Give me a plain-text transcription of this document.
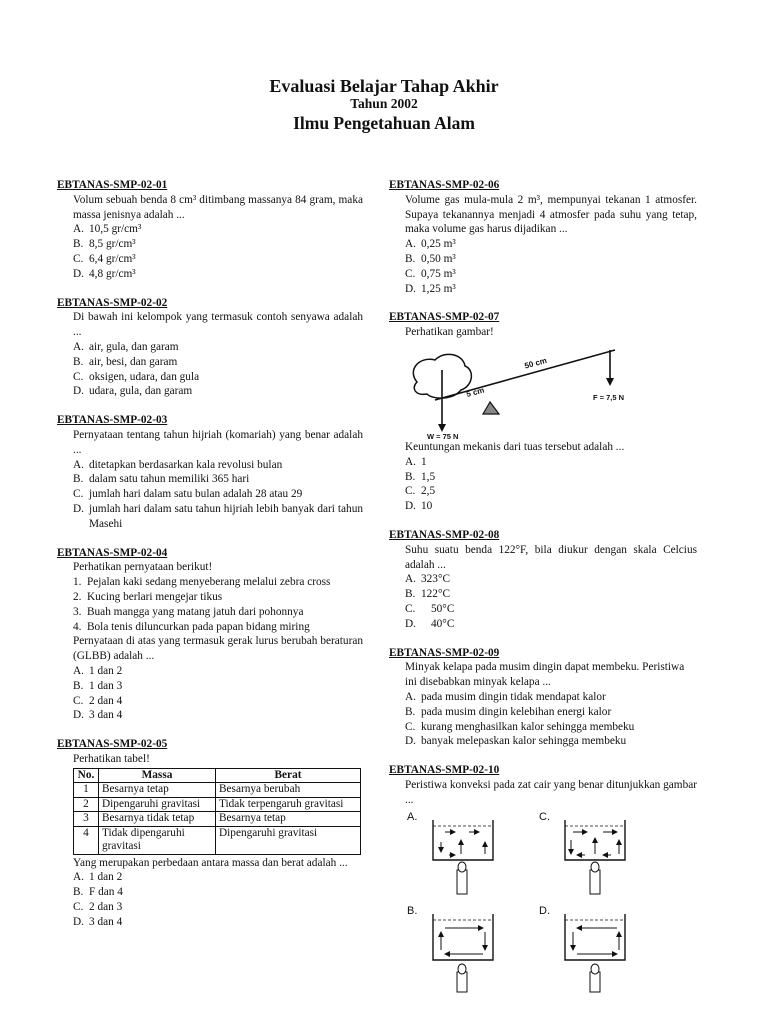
Evaluasi Belajar Tahap Akhir
Tahun 2002
Ilmu Pengetahuan Alam
EBTANAS-SMP-02-01

Volum sebuah benda 8 cm³ ditimbang massanya 84 gram, maka massa jenisnya adalah ...

A. 10,5 gr/cm³
B. 8,5 gr/cm³
C. 6,4 gr/cm³
D. 4,8 gr/cm³
EBTANAS-SMP-02-02

Di bawah ini kelompok yang termasuk contoh senyawa adalah ...

A. air, gula, dan garam
B. air, besi, dan garam
C. oksigen, udara, dan gula
D. udara, gula, dan garam
EBTANAS-SMP-02-03

Pernyataan tentang tahun hijriah (komariah) yang benar adalah ...

A. ditetapkan berdasarkan kala revolusi bulan
B. dalam satu tahun memiliki 365 hari
C. jumlah hari dalam satu bulan adalah 28 atau 29
D. jumlah hari dalam satu tahun hijriah lebih banyak dari tahun Masehi
EBTANAS-SMP-02-04

Perhatikan pernyataan berikut!

1. Pejalan kaki sedang menyeberang melalui zebra cross
2. Kucing berlari mengejar tikus
3. Buah mangga yang matang jatuh dari pohonnya
4. Bola tenis diluncurkan pada papan bidang miring

Pernyataan di atas yang termasuk gerak lurus berubah beraturan (GLBB) adalah ...

A. 1 dan 2
B. 1 dan 3
C. 2 dan 4
D. 3 dan 4
EBTANAS-SMP-02-05

Perhatikan tabel!

No.	Massa	Berat
1	Besarnya tetap	Besarnya berubah
2	Dipengaruhi gravitasi	Tidak terpengaruh gravitasi
3	Besarnya tidak tetap	Besarnya tetap
4	Tidak dipengaruhi gravitasi	Dipengaruhi gravitasi

Yang merupakan perbedaan antara massa dan berat adalah ...

A. 1 dan 2
B. F dan 4
C. 2 dan 3
D. 3 dan 4
EBTANAS-SMP-02-06

Volume gas mula-mula 2 m³, mempunyai tekanan 1 atmosfer. Supaya tekanannya menjadi 4 atmosfer pada suhu yang tetap, maka volume gas harus dijadikan ...

A. 0,25 m³
B. 0,50 m³
C. 0,75 m³
D. 1,25 m³
EBTANAS-SMP-02-07

Perhatikan gambar!

50 cm
5 cm	F = 7,5 N
W = 75 N

Keuntungan mekanis dari tuas tersebut adalah ...

A. 1
B. 1,5
C. 2,5
D. 10
EBTANAS-SMP-02-08

Suhu suatu benda 122°F, bila diukur dengan skala Celcius adalah ...

A. 323°C
B. 122°C
C.	50°C
D.	40°C
EBTANAS-SMP-02-09

Minyak kelapa pada musim dingin dapat membeku. Peristiwa ini disebabkan minyak kelapa ...

A. pada musim dingin tidak mendapat kalor
B. pada musim dingin kelebihan energi kalor
C. kurang menghasilkan kalor sehingga membeku
D. banyak melepaskan kalor sehingga membeku
EBTANAS-SMP-02-10

Peristiwa konveksi pada zat cair yang benar ditunjukkan gambar ...

A.	C.
B.	D.
